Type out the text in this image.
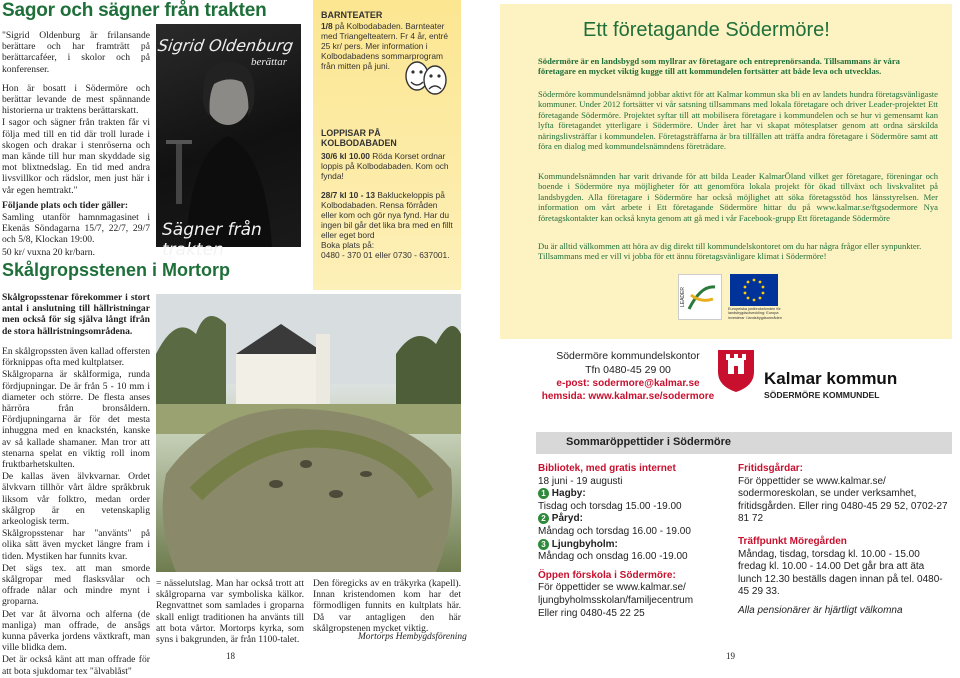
Sagor och sägner från trakten

"Sigrid Oldenburg är frilansande berättare och har framträtt på berättarcaféer, i skolor och på konferenser.

Hon är bosatt i Södermöre och berättar levande de mest spännande historierna ur traktens berättarskatt.

I sagor och sägner från trakten får vi följa med till en tid där troll lurade i skogen och drakar i stenröserna och man kände till hur man skyddade sig mot blixtnedslag. En tid med andra livsvillkor och rädslor, men just här i vår egen hemtrakt."

Följande plats och tider gäller:

Samling utanför hamnmagasinet i Ekenäs Söndagarna 15/7, 22/7, 29/7 och 5/8, Klockan 19:00.

50 kr/ vuxna 20 kr/barn.

Sigrid Oldenburg
berättar
Sägner från trakten
Skålgropsstenen i Mortorp
Skålgropsstenar förekommer i stort antal i anslutning till hällristningar men också för sig själva långt ifrån de stora hällristningsområdena.

En skålgropssten även kallad offersten förknippas ofta med kultplatser.

Skålgroparna är skålformiga, runda fördjupningar. De är från 5 - 10 mm i diameter och större. De flesta anses härröra från bronsåldern. Fördjupningarna är för det mesta inhuggna med en knackstén, kanske av så kallade shamaner. Man tror att stenarna spelat en viktig roll inom fruktbarhetskulten.

De kallas även älvkvarnar. Ordet älvkvarn tillhör vårt äldre språkbruk liksom vår folktro, medan order skålgrop är en vetenskaplig arkeologisk term.

Skålgropsstenar har "använts" på olika sätt även mycket längre fram i tiden. Mystiken har funnits kvar.

Det sägs tex. att man smorde skålgropar med flasksvålar och offrade nålar och mindre mynt i groparna.

Det var åt älvorna och alferna (de manliga) man offrade, de ansågs kunna påverka jordens växtkraft, man ville blidka dem.

Det är också känt att man offrade för att bota sjukdomar tex "älvablåst"

= nässelutslag. Man har också trott att skålgroparna var symboliska kälkor. Regnvattnet som samlades i groparna skall enligt traditionen ha använts till att bota vårtor. Mortorps kyrka, som syns i bakgrunden, är från 1100-talet.
Den föregicks av en träkyrka (kapell). Innan kristendomen kom har det förmodligen funnits en kultplats här. Då var antagligen den här skålgropstenen mycket viktig.
Mortorps Hembygdsförening
18
BARNTEATER
1/8 på Kolbodabaden. Barnteater med Triangelteatern. Fr 4 år, entré 25 kr/ pers. Mer information i Kolbodabadens sommarprogram från mitten på juni.
LOPPISAR PÅ KOLBODABADEN
30/6 kl 10.00 Röda Korset ordnar loppis på Kolbodabaden. Kom och fynda!
28/7 kl 10 - 13 Bakluckeloppis på Kolbodabaden. Rensa förråden eller kom och gör nya fynd. Har du ingen bil går det lika bra med en fillt eller eget bord
Boka plats på:
0480 - 370 01 eller 0730 - 637001.
Ett företagande Södermöre!
Södermöre är en landsbygd som myllrar av företagare och entreprenörsanda. Tillsammans är våra företagare en mycket viktig kugge till att kommundelen fortsätter att både leva och utvecklas.
Södermöre kommundelsnämnd jobbar aktivt för att Kalmar kommun ska bli en av landets hundra företagsvänligaste kommuner. Under 2012 fortsätter vi vår satsning tillsammans med lokala företagare och driver Leader-projektet Ett företagande Södermöre. Projektet syftar till att mobilisera företagare i kommundelen och se hur vi gemensamt kan lyfta företagandet ytterligare i Södermöre. Under året har vi skapat mötesplatser genom att ordna särskilda näringslivsträffar i kommundelen. Företagsträffarna är bra tillfällen att träffa andra företagare i Södermöre samt att föra en dialog med kommundelsnämndens företrädare.
Kommundelsnämnden har varit drivande för att bilda Leader KalmarÖland vilket ger företagare, föreningar och boende i Södermöre nya möjligheter för att genomföra lokala projekt för ökad tillväxt och livskvalitet på landsbygden. Alla företagare i Södermöre har också möjlighet att söka företagsstöd hos länsstyrelsen. Mer information om vårt arbete i Ett företagande Södermöre hittar du på www.kalmar.se/ftgsodermore Nya företagskontakter kan också knyta genom att gå med i vår Facebook-grupp Ett företagande Södermöre
Du är alltid välkommen att höra av dig direkt till kommundelskontoret om du har några frågor eller synpunkter. Tillsammans med er vill vi jobba för ett ännu företagsvänligare klimat i Södermöre!
LEADER
Europeiska jordbruksfonden för landsbygdsutveckling: Europa investerar i landsbygdsområden
Södermöre kommundelskontor
Tfn 0480-45 29 00
e-post: sodermore@kalmar.se
hemsida: www.kalmar.se/sodermore
Kalmar kommun
SÖDERMÖRE KOMMUNDEL
Sommaröppettider i Södermöre
Bibliotek, med gratis internet
18 juni - 19 augusti
1 Hagby:
Tisdag och torsdag 15.00 -19.00
2 Påryd:
Måndag och torsdag 16.00 - 19.00
3 Ljungbyholm:
Måndag och onsdag 16.00 -19.00
Öppen förskola i Södermöre:
För öppettider se www.kalmar.se/ ljungbyholmsskolan/familjecentrum Eller ring 0480-45 22 25
Fritidsgårdar:
För öppettider se www.kalmar.se/ sodermoreskolan, se under verksamhet, fritidsgården. Eller ring 0480-45 29 52, 0702-27 81 72
Träffpunkt Möregården
Måndag, tisdag, torsdag kl. 10.00 - 15.00 fredag kl. 10.00 - 14.00 Det går bra att äta lunch 12.30 beställs dagen innan på tel. 0480-45 29 33.
Alla pensionärer är hjärtligt välkomna
19
